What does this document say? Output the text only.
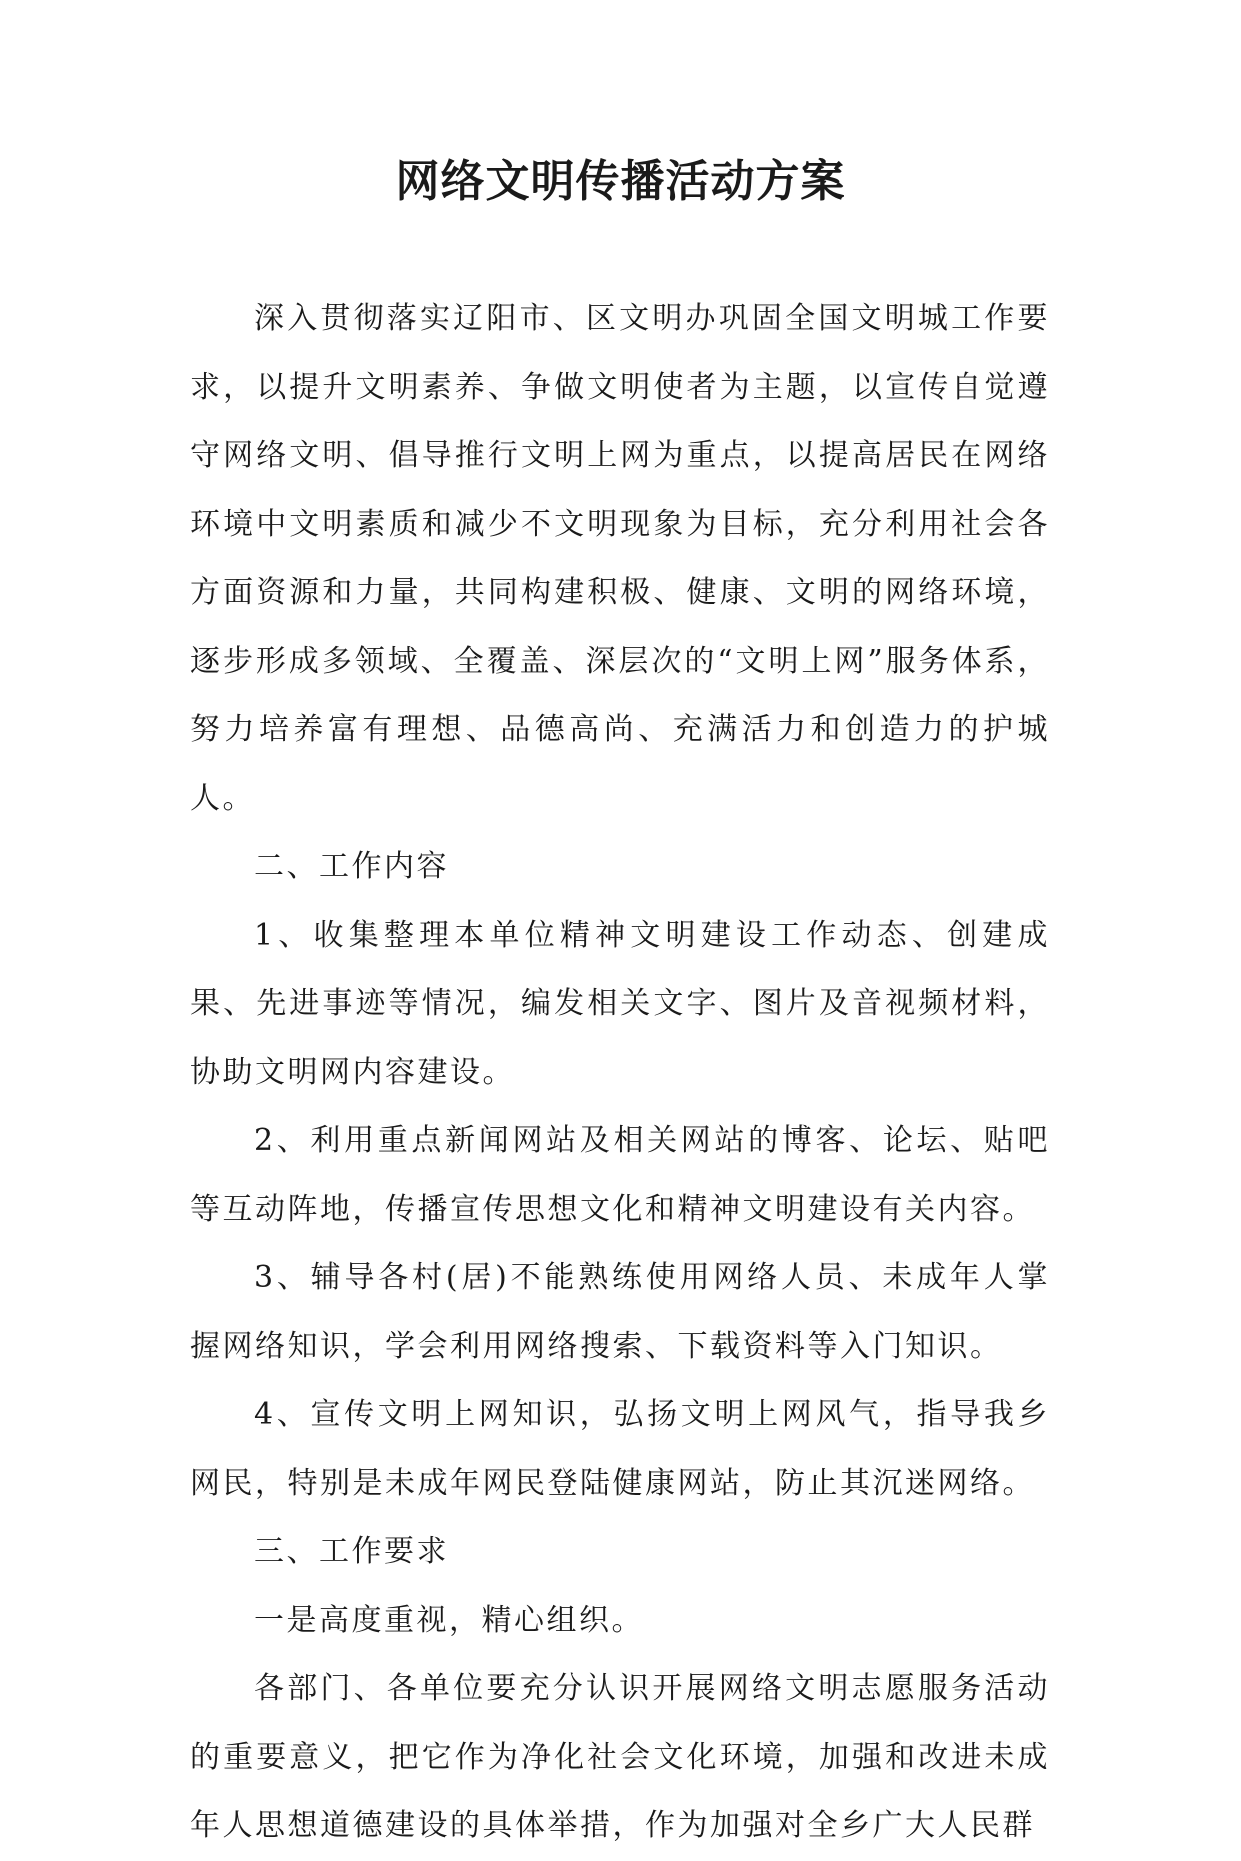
网络文明传播活动方案

深入贯彻落实辽阳市、区文明办巩固全国文明城工作要求，以提升文明素养、争做文明使者为主题，以宣传自觉遵守网络文明、倡导推行文明上网为重点，以提高居民在网络环境中文明素质和减少不文明现象为目标，充分利用社会各方面资源和力量，共同构建积极、健康、文明的网络环境，逐步形成多领域、全覆盖、深层次的“文明上网”服务体系，努力培养富有理想、品德高尚、充满活力和创造力的护城人。

二、工作内容

1、收集整理本单位精神文明建设工作动态、创建成果、先进事迹等情况，编发相关文字、图片及音视频材料，协助文明网内容建设。

2、利用重点新闻网站及相关网站的博客、论坛、贴吧等互动阵地，传播宣传思想文化和精神文明建设有关内容。

3、辅导各村(居)不能熟练使用网络人员、未成年人掌握网络知识，学会利用网络搜索、下载资料等入门知识。

4、宣传文明上网知识，弘扬文明上网风气，指导我乡网民，特别是未成年网民登陆健康网站，防止其沉迷网络。

三、工作要求

一是高度重视，精心组织。

各部门、各单位要充分认识开展网络文明志愿服务活动的重要意义，把它作为净化社会文化环境，加强和改进未成年人思想道德建设的具体举措，作为加强对全乡广大人民群
